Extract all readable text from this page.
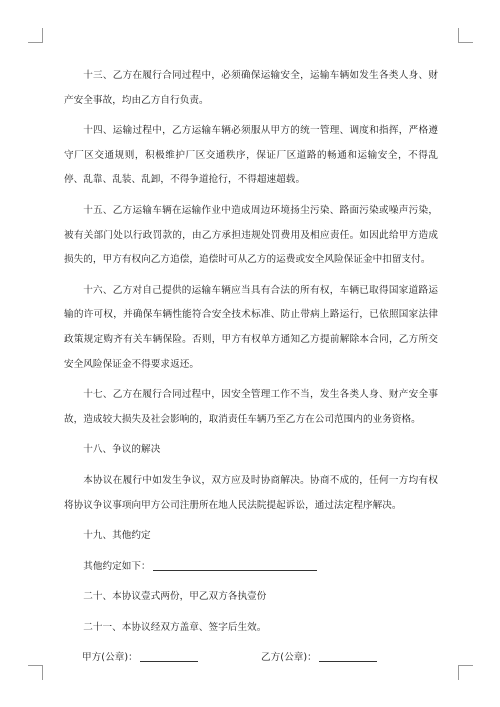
十三、乙方在履行合同过程中，必须确保运输安全，运输车辆如发生各类人身、财产安全事故，均由乙方自行负责。

十四、运输过程中，乙方运输车辆必须服从甲方的统一管理、调度和指挥，严格遵守厂区交通规则，积极维护厂区交通秩序，保证厂区道路的畅通和运输安全，不得乱停、乱靠、乱装、乱卸，不得争道抢行，不得超速超载。

十五、乙方运输车辆在运输作业中造成周边环境扬尘污染、路面污染或噪声污染，被有关部门处以行政罚款的，由乙方承担违规处罚费用及相应责任。如因此给甲方造成损失的，甲方有权向乙方追偿，追偿时可从乙方的运费或安全风险保证金中扣留支付。

十六、乙方对自己提供的运输车辆应当具有合法的所有权，车辆已取得国家道路运输的许可权，并确保车辆性能符合安全技术标准、防止带病上路运行，已依照国家法律政策规定购齐有关车辆保险。否则，甲方有权单方通知乙方提前解除本合同，乙方所交安全风险保证金不得要求返还。

十七、乙方在履行合同过程中，因安全管理工作不当，发生各类人身、财产安全事故，造成较大损失及社会影响的，取消责任车辆乃至乙方在公司范围内的业务资格。

十八、争议的解决

本协议在履行中如发生争议，双方应及时协商解决。协商不成的，任何一方均有权将协议争议事项向甲方公司注册所在地人民法院提起诉讼，通过法定程序解决。

十九、其他约定

其他约定如下：

二十、本协议壹式两份，甲乙双方各执壹份

二十一、本协议经双方盖章、签字后生效。

甲方(公章)：	乙方(公章)：
